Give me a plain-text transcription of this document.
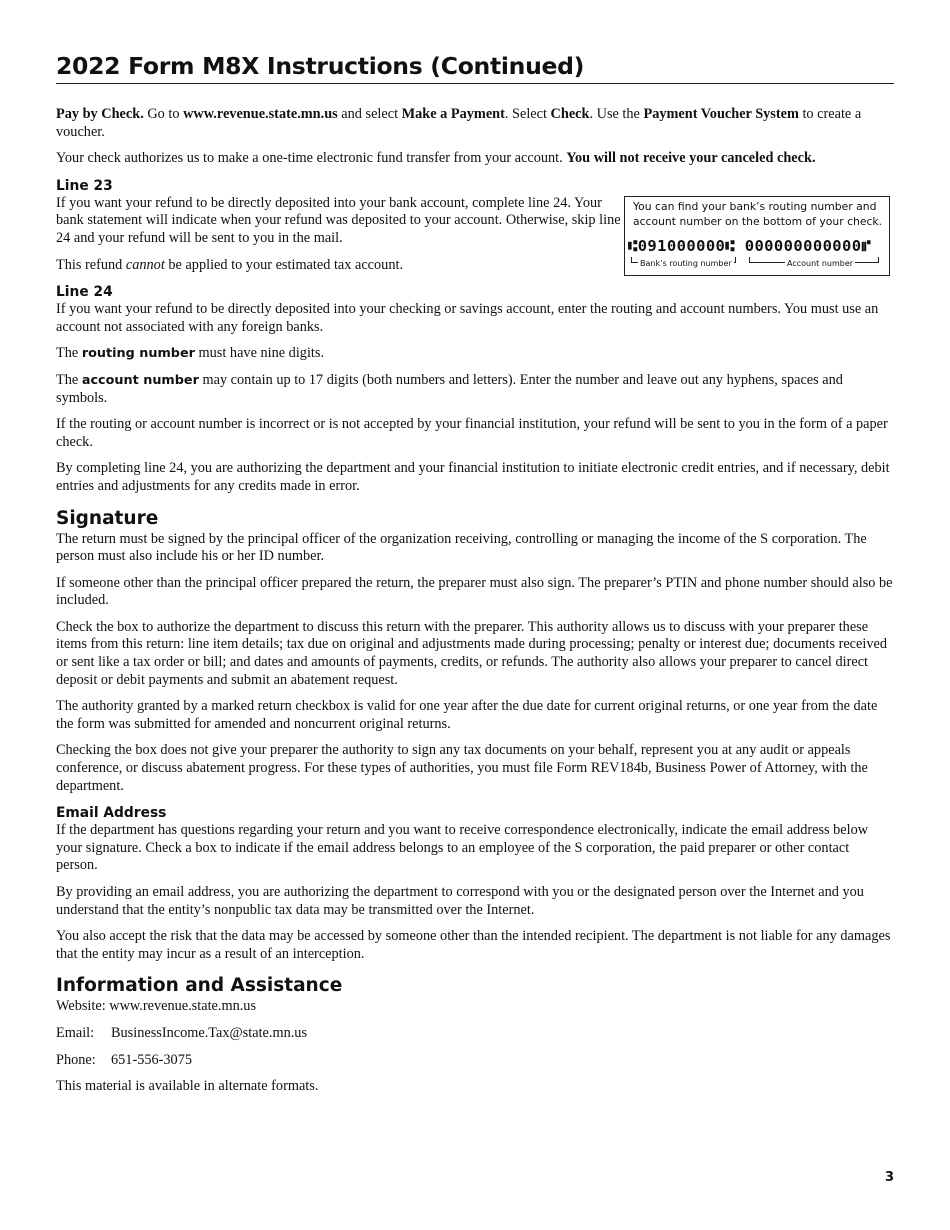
2022 Form M8X Instructions (Continued)

Pay by Check. Go to www.revenue.state.mn.us and select Make a Payment. Select Check. Use the Payment Voucher System to create a voucher.

Your check authorizes us to make a one-time electronic fund transfer from your account. You will not receive your canceled check.

Line 23

If you want your refund to be directly deposited into your bank account, complete line 24. Your bank statement will indicate when your refund was deposited to your account. Otherwise, skip line 24 and your refund will be sent to you in the mail.

This refund cannot be applied to your estimated tax account.

You can find your bank’s routing number and account number on the bottom of your check.
⑆091000000⑆ 000000000000⑈
Bank’s routing number	Account number
Line 24

If you want your refund to be directly deposited into your checking or savings account, enter the routing and account numbers. You must use an account not associated with any foreign banks.

The routing number must have nine digits.

The account number may contain up to 17 digits (both numbers and letters). Enter the number and leave out any hyphens, spaces and symbols.

If the routing or account number is incorrect or is not accepted by your financial institution, your refund will be sent to you in the form of a paper check.

By completing line 24, you are authorizing the department and your financial institution to initiate electronic credit entries, and if necessary, debit entries and adjustments for any credits made in error.

Signature

The return must be signed by the principal officer of the organization receiving, controlling or managing the income of the S corporation. The person must also include his or her ID number.

If someone other than the principal officer prepared the return, the preparer must also sign. The preparer’s PTIN and phone number should also be included.

Check the box to authorize the department to discuss this return with the preparer. This authority allows us to discuss with your preparer these items from this return: line item details; tax due on original and adjustments made during processing; penalty or interest due; documents received or sent like a tax order or bill; and dates and amounts of payments, credits, or refunds. The authority also allows your preparer to cancel direct deposit or debit payments and submit an abatement request.

The authority granted by a marked return checkbox is valid for one year after the due date for current original returns, or one year from the date the form was submitted for amended and noncurrent original returns.

Checking the box does not give your preparer the authority to sign any tax documents on your behalf, represent you at any audit or appeals conference, or discuss abatement progress. For these types of authorities, you must file Form REV184b, Business Power of Attorney, with the department.

Email Address

If the department has questions regarding your return and you want to receive correspondence electronically, indicate the email address below your signature. Check a box to indicate if the email address belongs to an employee of the S corporation, the paid preparer or other contact person.

By providing an email address, you are authorizing the department to correspond with you or the designated person over the Internet and you understand that the entity’s nonpublic tax data may be transmitted over the Internet.

You also accept the risk that the data may be accessed by someone other than the intended recipient. The department is not liable for any damages that the entity may incur as a result of an interception.

Information and Assistance

Website: www.revenue.state.mn.us

Email:	BusinessIncome.Tax@state.mn.us
Phone:	651-556-3075

This material is available in alternate formats.

3
